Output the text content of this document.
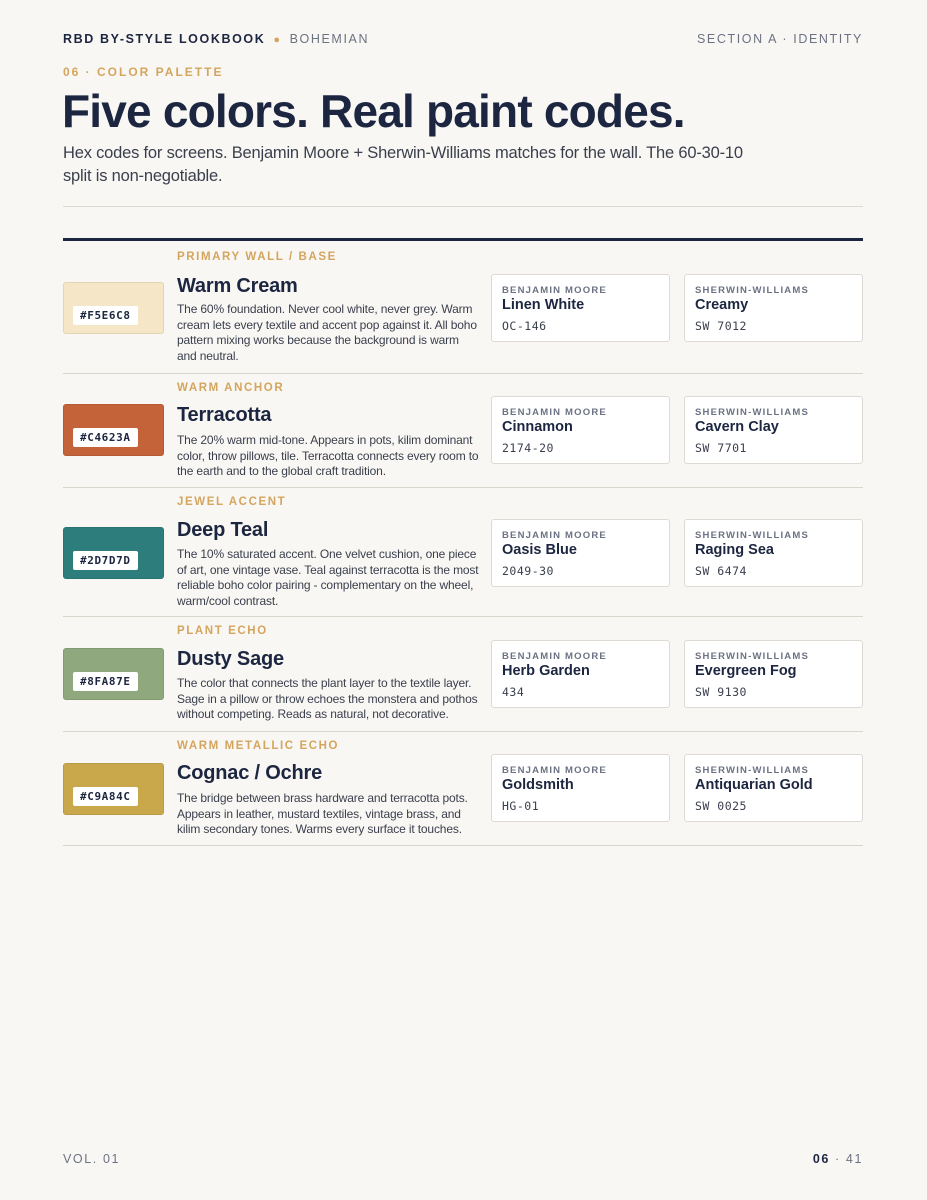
RBD BY-STYLE LOOKBOOK ● BOHEMIAN	SECTION A · IDENTITY
06 · COLOR PALETTE
Five colors. Real paint codes.
Hex codes for screens. Benjamin Moore + Sherwin-Williams matches for the wall. The 60-30-10 split is non-negotiable.
PRIMARY WALL / BASE
#F5E6C8
Warm Cream
The 60% foundation. Never cool white, never grey. Warm cream lets every textile and accent pop against it. All boho pattern mixing works because the background is warm and neutral.
BENJAMIN MOORE
Linen White
OC-146
SHERWIN-WILLIAMS
Creamy
SW 7012
WARM ANCHOR
#C4623A
Terracotta
The 20% warm mid-tone. Appears in pots, kilim dominant color, throw pillows, tile. Terracotta connects every room to the earth and to the global craft tradition.
BENJAMIN MOORE
Cinnamon
2174-20
SHERWIN-WILLIAMS
Cavern Clay
SW 7701
JEWEL ACCENT
#2D7D7D
Deep Teal
The 10% saturated accent. One velvet cushion, one piece of art, one vintage vase. Teal against terracotta is the most reliable boho color pairing - complementary on the wheel, warm/cool contrast.
BENJAMIN MOORE
Oasis Blue
2049-30
SHERWIN-WILLIAMS
Raging Sea
SW 6474
PLANT ECHO
#8FA87E
Dusty Sage
The color that connects the plant layer to the textile layer. Sage in a pillow or throw echoes the monstera and pothos without competing. Reads as natural, not decorative.
BENJAMIN MOORE
Herb Garden
434
SHERWIN-WILLIAMS
Evergreen Fog
SW 9130
WARM METALLIC ECHO
#C9A84C
Cognac / Ochre
The bridge between brass hardware and terracotta pots. Appears in leather, mustard textiles, vintage brass, and kilim secondary tones. Warms every surface it touches.
BENJAMIN MOORE
Goldsmith
HG-01
SHERWIN-WILLIAMS
Antiquarian Gold
SW 0025
VOL. 01	06 · 41
